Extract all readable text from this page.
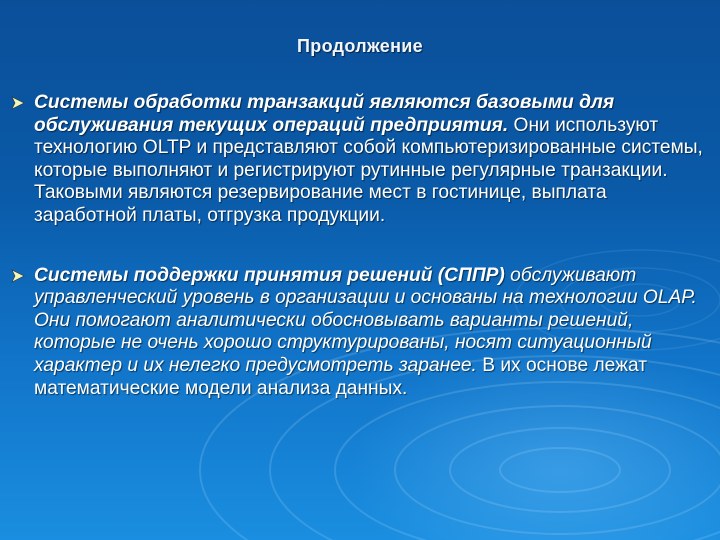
Продолжение
Системы обработки транзакций являются базовыми для обслуживания текущих операций предприятия. Они используют технологию OLTP и представляют собой компьютеризированные системы, которые выполняют и регистрируют рутинные регулярные транзакции. Таковыми являются резервирование мест в гостинице, выплата заработной платы, отгрузка продукции.
Системы поддержки принятия решений (СППР) обслуживают управленческий уровень в организации и основаны на технологии OLAP. Они помогают аналитически обосновывать варианты решений, которые не очень хорошо структурированы, носят ситуационный характер и их нелегко предусмотреть заранее. В их основе лежат математические модели анализа данных.
